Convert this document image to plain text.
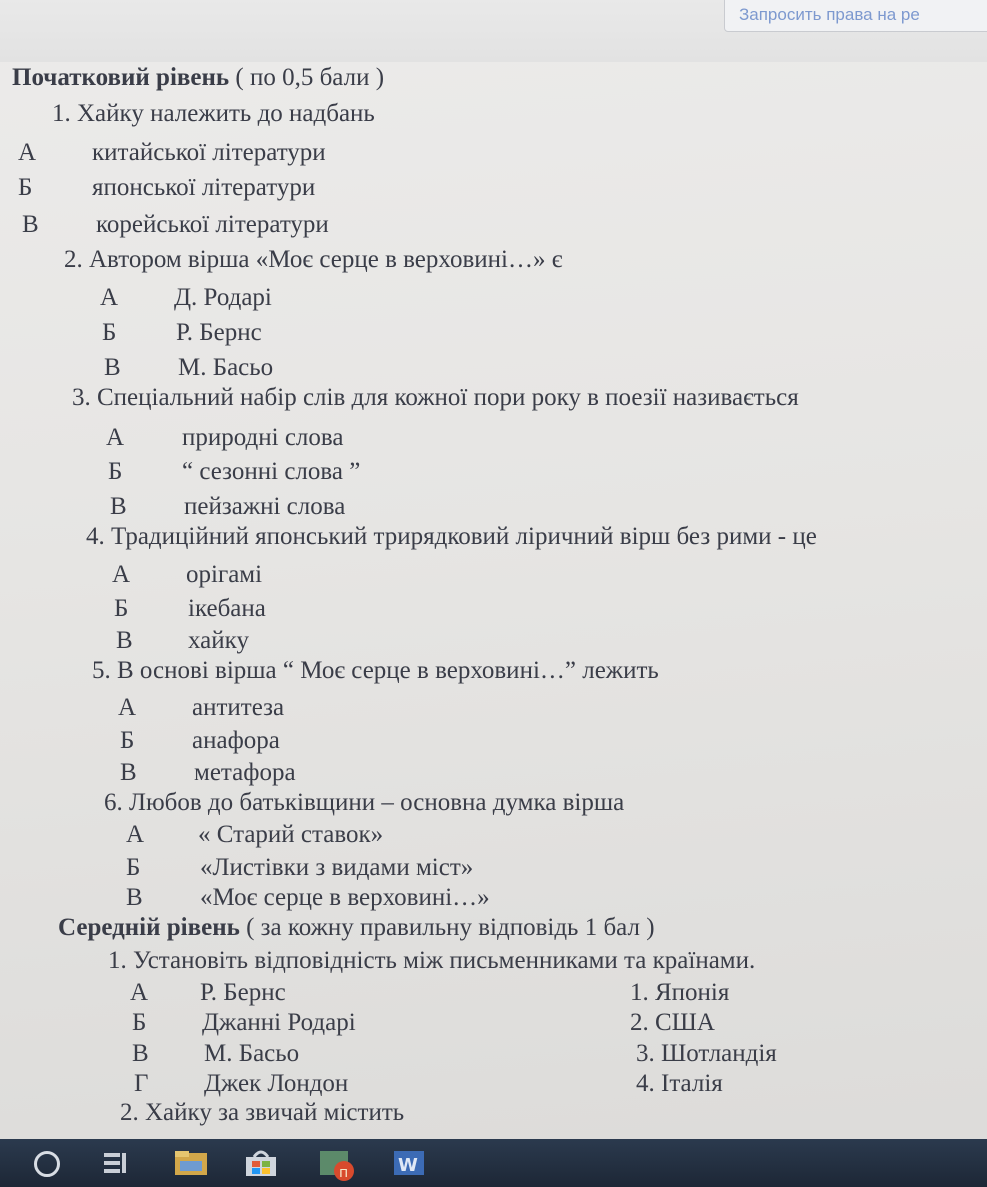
Запросить права на ре
Початковий рівень ( по 0,5 бали )
1. Хайку належить до надбань
А китайської літератури
Б японської літератури
В корейської літератури
2. Автором вірша «Моє серце в верховині…» є
А Д. Родарі
Б Р. Бернс
В М. Басьо
3. Спеціальний набір слів для кожної пори року в поезії називається
А природні слова
Б “ сезонні слова ”
В пейзажні слова
4. Традиційний японський трирядковий ліричний вірш без рими - це
А орігамі
Б ікебана
В хайку
5. В основі вірша “ Моє серце в верховині…” лежить
А антитеза
Б анафора
В метафора
6. Любов до батьківщини – основна думка вірша
А « Старий ставок»
Б «Листівки з видами міст»
В «Моє серце в верховині…»
Середній рівень ( за кожну правильну відповідь 1 бал )
1. Установіть відповідність між письменниками та країнами.
А Р. Бернс	1. Японія
Б Джанні Родарі	2. США
В М. Басьо	3. Шотландія
Г Джек Лондон	4. Італія
2. Хайку за звичай містить
п	W
